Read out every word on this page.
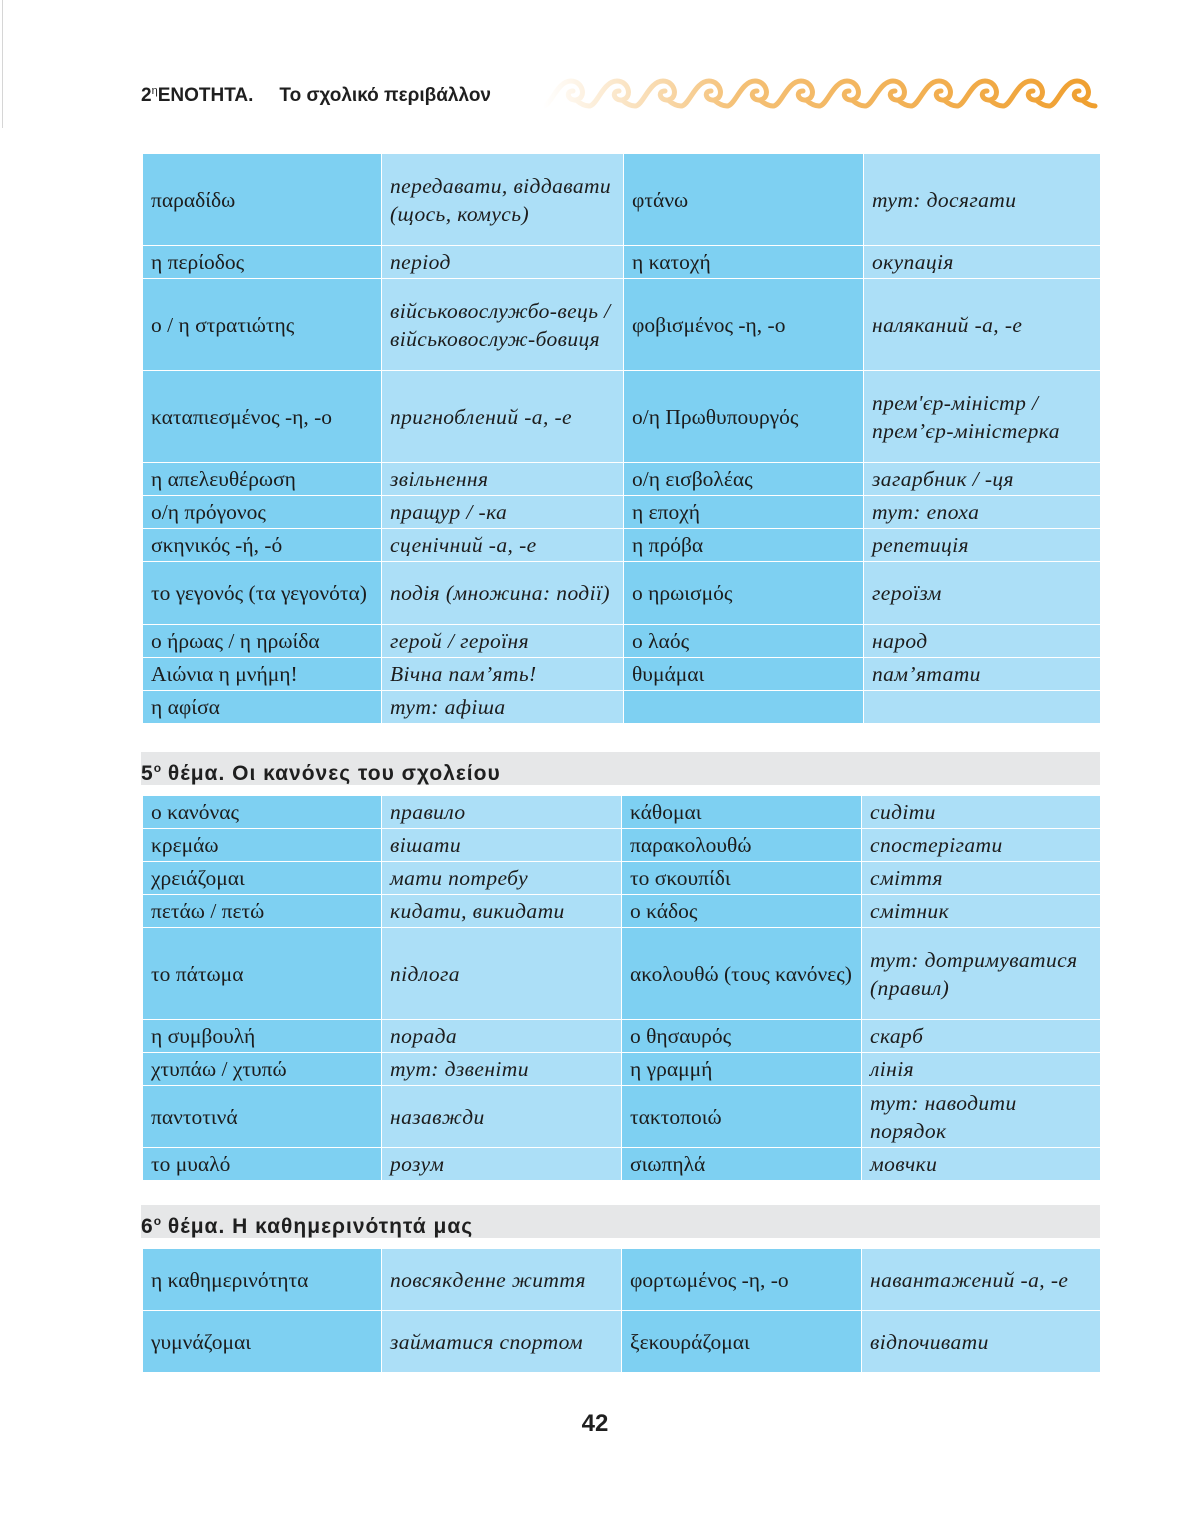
$2^\eta ENOTHTA$. Το σχολικό περιβάλλον
παραδίδω	передавати, віддавати (щось, комусь)	φτάνω	тут: досягати
η περίοδος	період	η κατοχή	окупація
ο / η στρατιώτης	військовослужбо-вець / військовослуж-бовиця	φοβισμένος -η, -ο	наляканий -а, -е
καταπιεσμένος -η, -ο	пригноблений -а, -е	ο/η Πρωθυπουργός	прем'єр-міністр / прем’єр-міністерка
η απελευθέρωση	звільнення	ο/η εισβολέας	загарбник / -ця
ο/η πρόγονος	пращур / -ка	η εποχή	тут: епоха
σκηνικός -ή, -ό	сценічний -а, -е	η πρόβα	репетиція
το γεγονός (τα γεγονότα)	подія (множина: події)	ο ηρωισμός	героїзм
ο ήρωας / η ηρωίδα	герой / героїня	ο λαός	народ
Αιώνια η μνήμη!	Вічна пам’ять!	θυμάμαι	пам’ятати
η αφίσα	тут: афіша		
$5^o$ θέμα. Οι κανόνες του σχολείου
ο κανόνας	правило	κάθομαι	сидіти
κρεμάω	вішати	παρακολουθώ	спостерігати
χρειάζομαι	мати потребу	το σκουπίδι	сміття
πετάω / πετώ	кидати, викидати	ο κάδος	смітник
το πάτωμα	підлога	ακολουθώ (τους κανόνες)	тут: дотримуватися (правил)
η συμβουλή	порада	ο θησαυρός	скарб
χτυπάω / χτυπώ	тут: дзвеніти	η γραμμή	лінія
παντοτινά	назавжди	τακτοποιώ	тут: наводити порядок
το μυαλό	розум	σιωπηλά	мовчки
$6^o$ θέμα. Η καθημερινότητά μας
η καθημερινότητα	повсякденне життя	φορτωμένος -η, -ο	навантажений -а, -е
γυμνάζομαι	займатися спортом	ξεκουράζομαι	відпочивати
42
